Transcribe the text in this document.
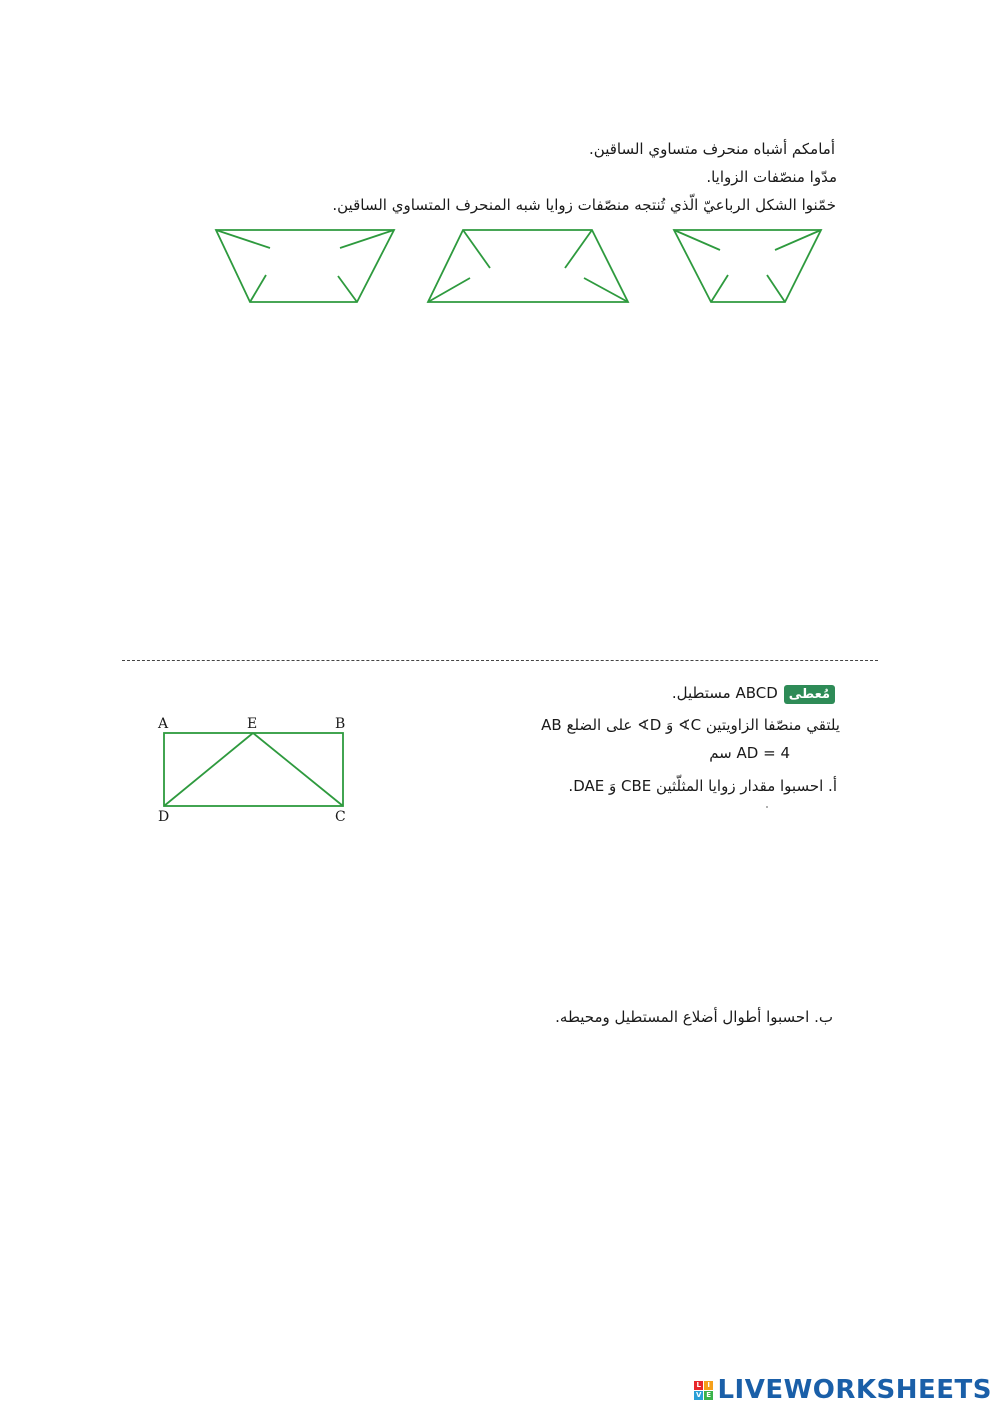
أمامكم أشباه منحرف متساوي الساقين.
مدّوا منصّفات الزوايا.
خمّنوا الشكل الرباعيّ الّذي تُنتجه منصّفات زوايا شبه المنحرف المتساوي الساقين.
مُعطىABCD مستطيل.
يلتقي منصّفا الزاويتين C∢ وَ D∢ على الضلع AB
AD = 4 سم
أ. احسبوا مقدار زوايا المثلّثين CBE وَ DAE.
ب. احسبوا أطوال أضلاع المستطيل ومحيطه.
A	E	B
D	C
L I
V E LIVEWORKSHEETS
